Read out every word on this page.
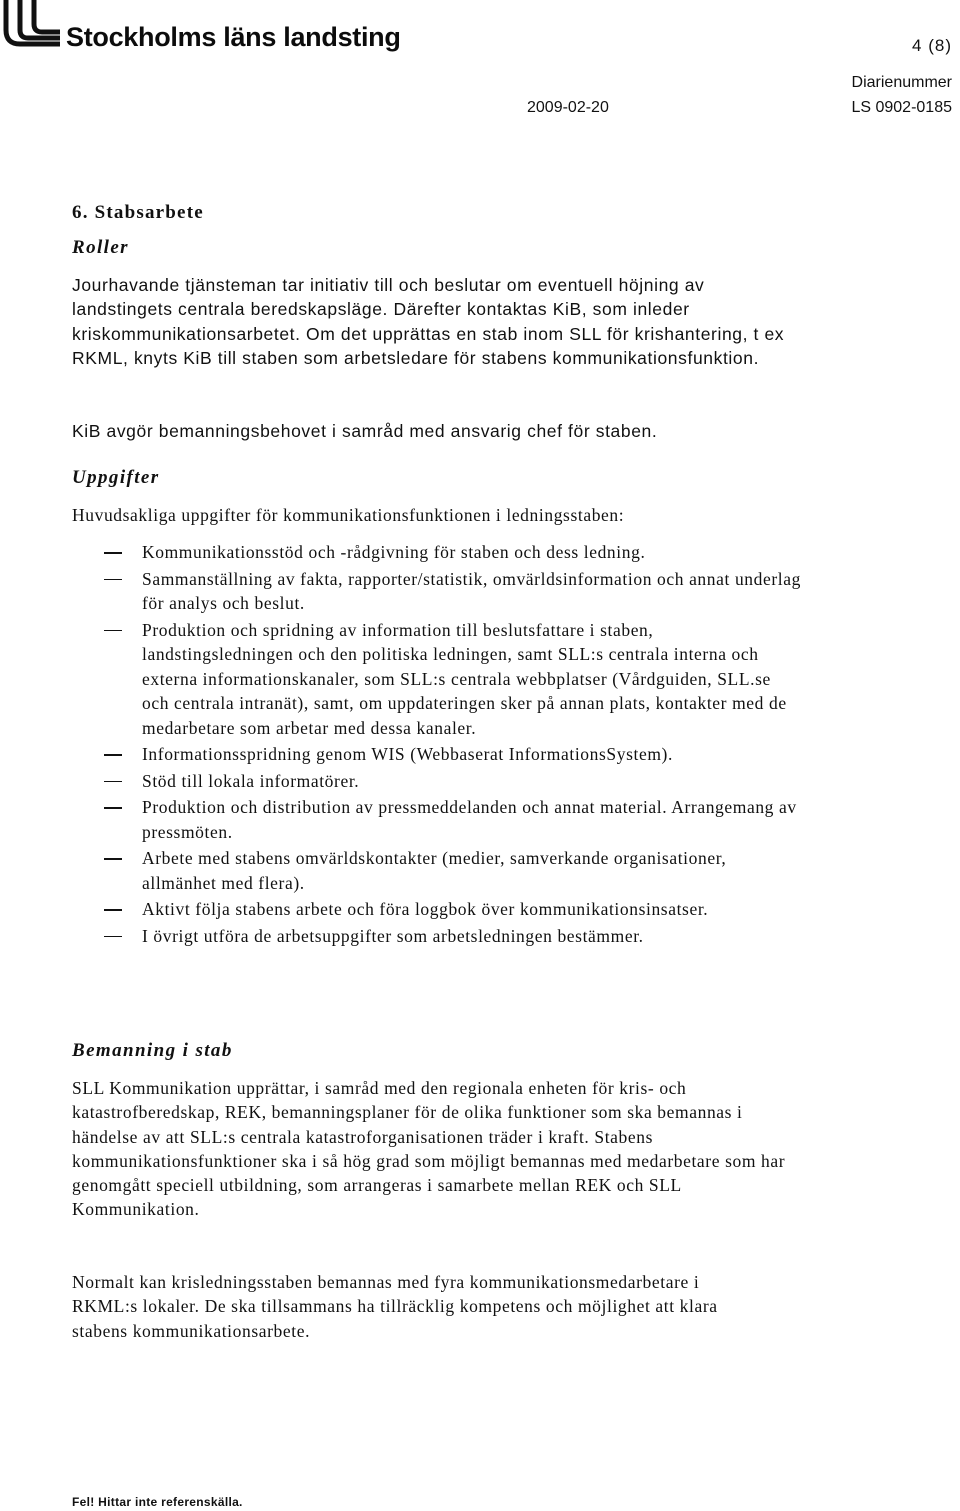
Stockholms läns landsting	4 (8)
Diarienummer
2009-02-20	LS 0902-0185
6. Stabsarbete
Roller

Jourhavande tjänsteman tar initiativ till och beslutar om eventuell höjning av landstingets centrala beredskapsläge. Därefter kontaktas KiB, som inleder kriskommunikationsarbetet. Om det upprättas en stab inom SLL för krishantering, t ex RKML, knyts KiB till staben som arbetsledare för stabens kommunikationsfunktion.

KiB avgör bemanningsbehovet i samråd med ansvarig chef för staben.

Uppgifter

Huvudsakliga uppgifter för kommunikationsfunktionen i ledningsstaben:

Kommunikationsstöd och -rådgivning för staben och dess ledning.
Sammanställning av fakta, rapporter/statistik, omvärldsinformation och annat underlag för analys och beslut.
Produktion och spridning av information till beslutsfattare i staben, landstingsledningen och den politiska ledningen, samt SLL:s centrala interna och externa informationskanaler, som SLL:s centrala webbplatser (Vårdguiden, SLL.se och centrala intranät), samt, om uppdateringen sker på annan plats, kontakter med de medarbetare som arbetar med dessa kanaler.
Informationsspridning genom WIS (Webbaserat InformationsSystem).
Stöd till lokala informatörer.
Produktion och distribution av pressmeddelanden och annat material. Arrangemang av pressmöten.
Arbete med stabens omvärldskontakter (medier, samverkande organisationer, allmänhet med flera).
Aktivt följa stabens arbete och föra loggbok över kommunikationsinsatser.
I övrigt utföra de arbetsuppgifter som arbetsledningen bestämmer.
Bemanning i stab

SLL Kommunikation upprättar, i samråd med den regionala enheten för kris- och katastrofberedskap, REK, bemanningsplaner för de olika funktioner som ska bemannas i händelse av att SLL:s centrala katastroforganisationen träder i kraft. Stabens kommunikationsfunktioner ska i så hög grad som möjligt bemannas med medarbetare som har genomgått speciell utbildning, som arrangeras i samarbete mellan REK och SLL Kommunikation.

Normalt kan krisledningsstaben bemannas med fyra kommunikationsmedarbetare i RKML:s lokaler. De ska tillsammans ha tillräcklig kompetens och möjlighet att klara stabens kommunikationsarbete.

Fel! Hittar inte referenskälla.
